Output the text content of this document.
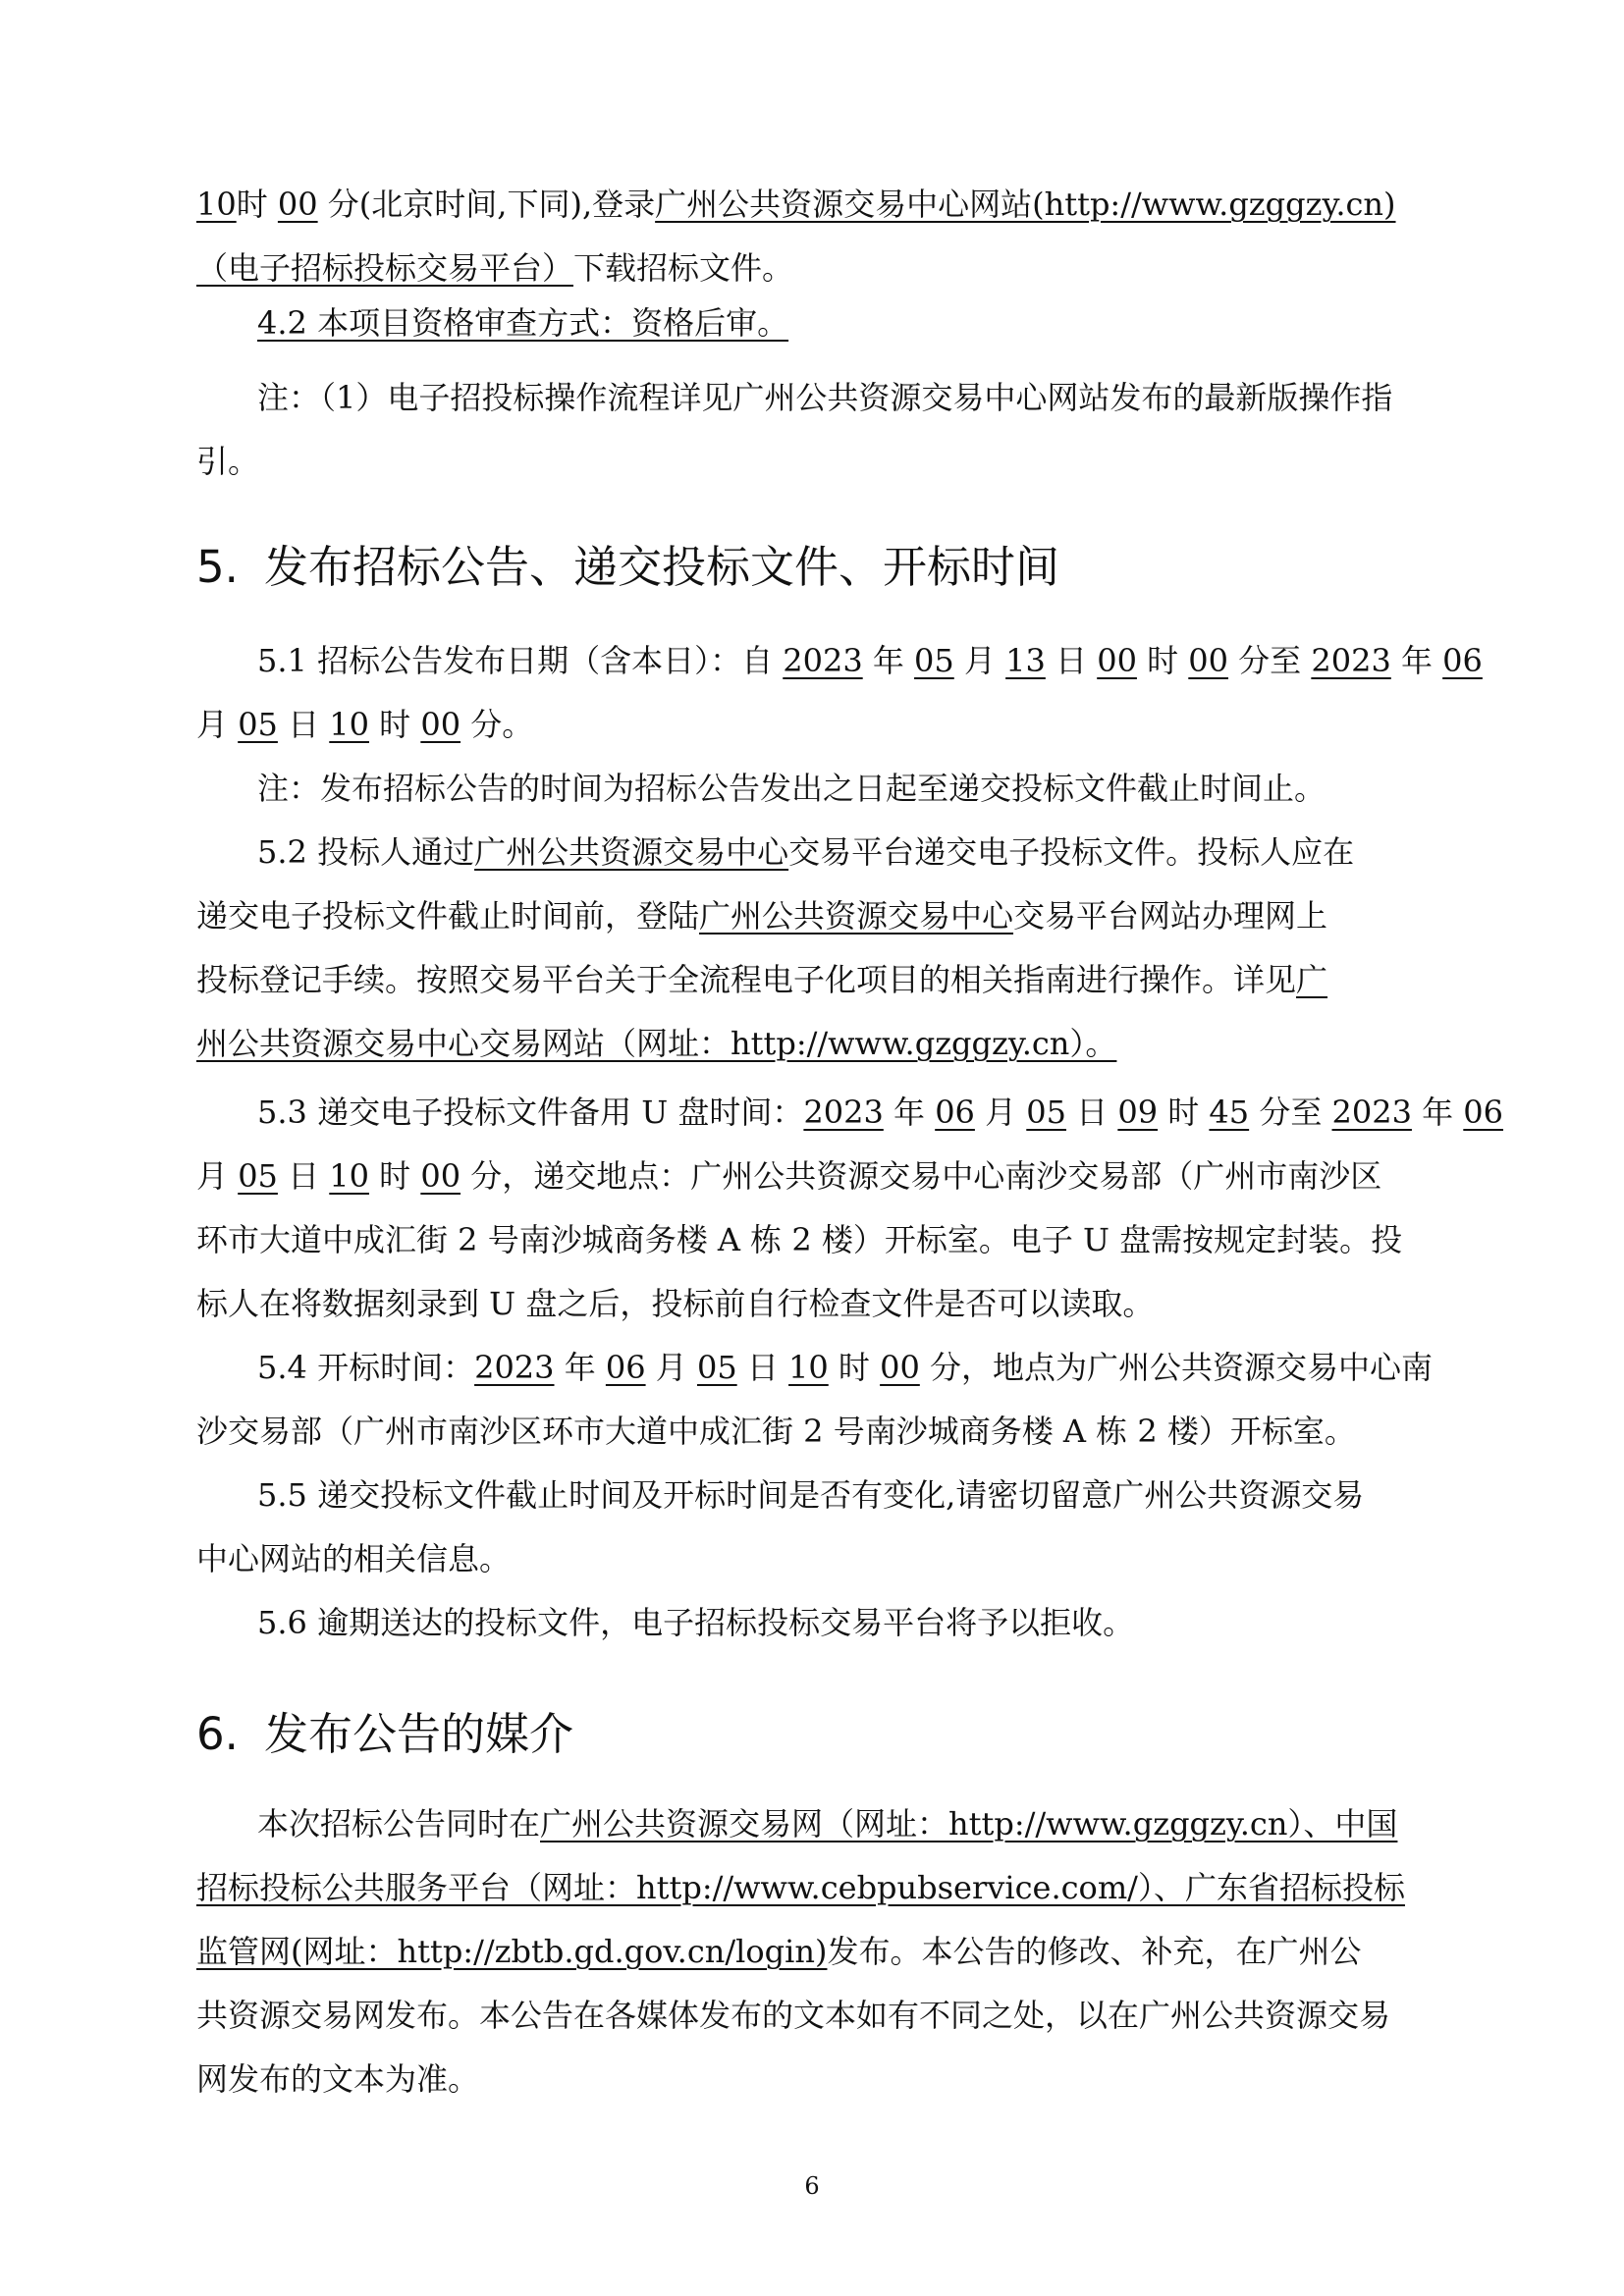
10时 00 分(北京时间,下同),登录广州公共资源交易中心网站(http://www.gzggzy.cn)
（电子招标投标交易平台）下载招标文件。
4.2 本项目资格审查方式：资格后审。
注：（1）电子招投标操作流程详见广州公共资源交易中心网站发布的最新版操作指
引。
5. 发布招标公告、递交投标文件、开标时间
5.1 招标公告发布日期（含本日）：自 2023 年 05 月 13 日 00 时 00 分至 2023 年 06
月 05 日 10 时 00 分。
注：发布招标公告的时间为招标公告发出之日起至递交投标文件截止时间止。
5.2 投标人通过广州公共资源交易中心交易平台递交电子投标文件。投标人应在
递交电子投标文件截止时间前，登陆广州公共资源交易中心交易平台网站办理网上
投标登记手续。按照交易平台关于全流程电子化项目的相关指南进行操作。详见广
州公共资源交易中心交易网站（网址：http://www.gzggzy.cn）。
5.3 递交电子投标文件备用 U 盘时间：2023 年 06 月 05 日 09 时 45 分至 2023 年 06
月 05 日 10 时 00 分，递交地点：广州公共资源交易中心南沙交易部（广州市南沙区
环市大道中成汇街 2 号南沙城商务楼 A 栋 2 楼）开标室。电子 U 盘需按规定封装。投
标人在将数据刻录到 U 盘之后，投标前自行检查文件是否可以读取。
5.4 开标时间：2023 年 06 月 05 日 10 时 00 分，地点为广州公共资源交易中心南
沙交易部（广州市南沙区环市大道中成汇街 2 号南沙城商务楼 A 栋 2 楼）开标室。
5.5 递交投标文件截止时间及开标时间是否有变化,请密切留意广州公共资源交易
中心网站的相关信息。
5.6 逾期送达的投标文件，电子招标投标交易平台将予以拒收。
6. 发布公告的媒介
本次招标公告同时在广州公共资源交易网（网址：http://www.gzggzy.cn）、中国
招标投标公共服务平台（网址：http://www.cebpubservice.com/）、广东省招标投标
监管网(网址：http://zbtb.gd.gov.cn/login)发布。本公告的修改、补充，在广州公
共资源交易网发布。本公告在各媒体发布的文本如有不同之处，以在广州公共资源交易
网发布的文本为准。
6
